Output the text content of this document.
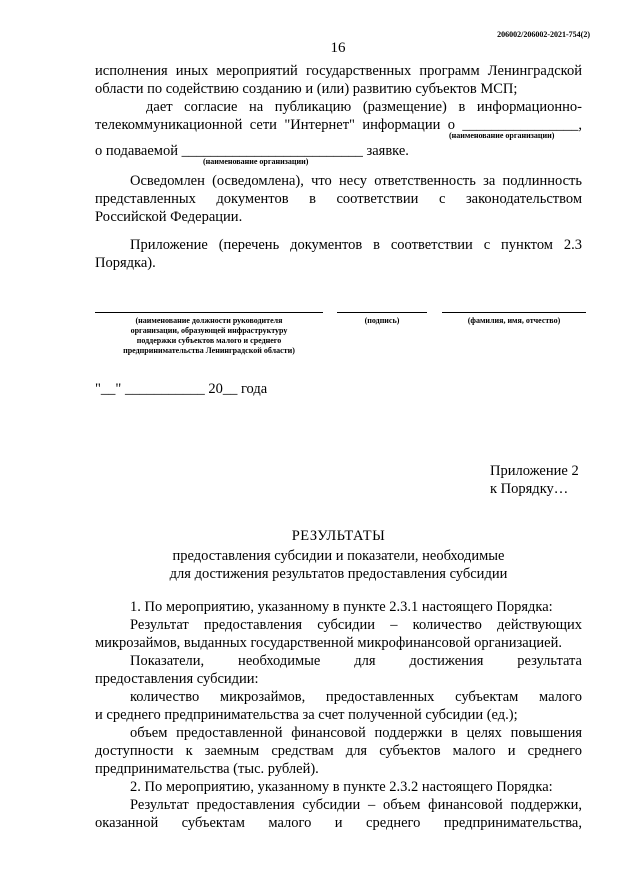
206002/206002-2021-754(2)
16
исполнения иных мероприятий государственных программ Ленинградской
области по содействию созданию и (или) развитию субъектов МСП;
дает согласие на публикацию (размещение) в информационно-
телекоммуникационной сети "Интернет" информации о ________________,
(наименование организации)
о подаваемой _________________________ заявке.
(наименование организации)
Осведомлен (осведомлена), что несу ответственность за подлинность
представленных документов в соответствии с законодательством
Российской Федерации.
Приложение (перечень документов в соответствии с пунктом 2.3
Порядка).
(наименование должности руководителя
организации, образующей инфраструктуру
поддержки субъектов малого и среднего
предпринимательства Ленинградской области)
(подпись)	(фамилия, имя, отчество)
"__" ___________ 20__ года
Приложение 2
к Порядку…
РЕЗУЛЬТАТЫ
предоставления субсидии и показатели, необходимые
для достижения результатов предоставления субсидии
1. По мероприятию, указанному в пункте 2.3.1 настоящего Порядка:
Результат предоставления субсидии – количество действующих
микрозаймов, выданных государственной микрофинансовой организацией.
Показатели, необходимые для достижения результата
предоставления субсидии:
количество микрозаймов, предоставленных субъектам малого
и среднего предпринимательства за счет полученной субсидии (ед.);
объем предоставленной финансовой поддержки в целях повышения
доступности к заемным средствам для субъектов малого и среднего
предпринимательства (тыс. рублей).
2. По мероприятию, указанному в пункте 2.3.2 настоящего Порядка:
Результат предоставления субсидии – объем финансовой поддержки,
оказанной субъектам малого и среднего предпринимательства,
